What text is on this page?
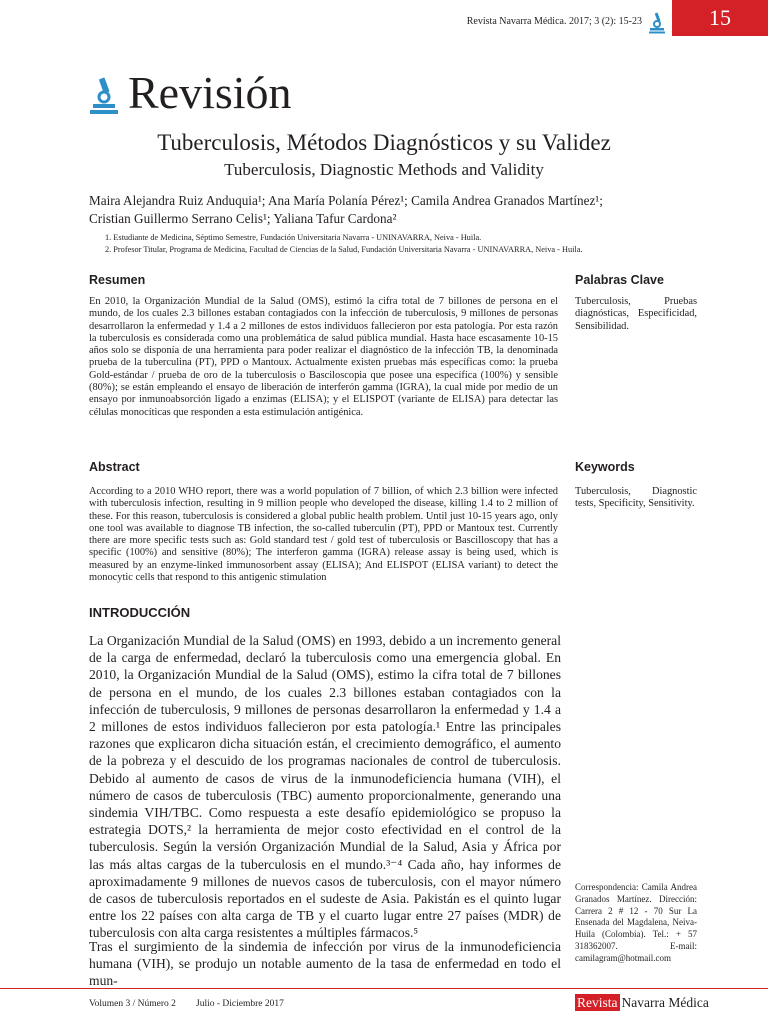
Revista Navarra Médica. 2017; 3 (2): 15-23	15
Revisión
Tuberculosis, Métodos Diagnósticos y su Validez
Tuberculosis, Diagnostic Methods and Validity
Maira Alejandra Ruiz Anduquia¹; Ana María Polanía Pérez¹; Camila Andrea Granados Martínez¹;
Cristian Guillermo Serrano Celis¹; Yaliana Tafur Cardona²
1. Estudiante de Medicina, Séptimo Semestre, Fundación Universitaria Navarra - UNINAVARRA, Neiva - Huila.
2. Profesor Titular, Programa de Medicina, Facultad de Ciencias de la Salud, Fundación Universitaria Navarra - UNINAVARRA, Neiva - Huila.
Resumen	Palabras Clave
En 2010, la Organización Mundial de la Salud (OMS), estimó la cifra total de 7 billones de persona en el mundo, de los cuales 2.3 billones estaban contagiados con la infección de tuberculosis, 9 millones de personas desarrollaron la enfermedad y 1.4 a 2 millones de estos individuos fallecieron por esta patología. Por esta razón la tuberculosis es considerada como una problemática de salud pública mundial. Hasta hace escasamente 10-15 años solo se disponía de una herramienta para poder realizar el diagnóstico de la infección TB, la denominada prueba de la tuberculina (PT), PPD o Mantoux. Actualmente existen pruebas más específicas como: la prueba Gold-estándar / prueba de oro de la tuberculosis o Basciloscopia que posee una específica (100%) y sensible (80%); se están empleando el ensayo de liberación de interferón gamma (IGRA), la cual mide por medio de un ensayo por inmunoabsorción ligado a enzimas (ELISA); y el ELISPOT (variante de ELISA) para detectar las células monocíticas que responden a esta estimulación antigénica.
Tuberculosis, Pruebas diagnósticas, Especificidad, Sensibilidad.
Abstract	Keywords
According to a 2010 WHO report, there was a world population of 7 billion, of which 2.3 billion were infected with tuberculosis infection, resulting in 9 million people who developed the disease, killing 1.4 to 2 million of these. For this reason, tuberculosis is considered a global public health problem. Until just 10-15 years ago, only one tool was available to diagnose TB infection, the so-called tuberculin (PT), PPD or Mantoux test. Currently there are more specific tests such as: Gold standard test / gold test of tuberculosis or Bascilloscopy that has a specific (100%) and sensitive (80%); The interferon gamma (IGRA) release assay is being used, which is measured by an enzyme-linked immunosorbent assay (ELISA); And ELISPOT (ELISA variant) to detect the monocytic cells that respond to this antigenic stimulation
Tuberculosis, Diagnostic tests, Specificity, Sensitivity.
INTRODUCCIÓN
La Organización Mundial de la Salud (OMS) en 1993, debido a un incremento general de la carga de enfermedad, declaró la tuberculosis como una emergencia global. En 2010, la Organización Mundial de la Salud (OMS), estimo la cifra total de 7 billones de persona en el mundo, de los cuales 2.3 billones estaban contagiados con la infección de tuberculosis, 9 millones de personas desarrollaron la enfermedad y 1.4 a 2 millones de estos individuos fallecieron por esta patología.¹ Entre las principales razones que explicaron dicha situación están, el crecimiento demográfico, el aumento de la pobreza y el descuido de los programas nacionales de control de tuberculosis. Debido al aumento de casos de virus de la inmunodeficiencia humana (VIH), el número de casos de tuberculosis (TBC) aumento proporcionalmente, generando una sindemia VIH/TBC. Como respuesta a este desafío epidemiológico se propuso la estrategia DOTS,² la herramienta de mejor costo efectividad en el control de la tuberculosis. Según la versión Organización Mundial de la Salud, Asia y África por las más altas cargas de la tuberculosis en el mundo.³⁻⁴ Cada año, hay informes de aproximadamente 9 millones de nuevos casos de tuberculosis, con el mayor número de casos de tuberculosis reportados en el sudeste de Asia. Pakistán es el quinto lugar entre los 22 países con alta carga de TB y el cuarto lugar entre 27 países (MDR) de tuberculosis con alta carga resistentes a múltiples fármacos.⁵
Tras el surgimiento de la sindemia de infección por virus de la inmunodeficiencia humana (VIH), se produjo un notable aumento de la tasa de enfermedad en todo el mun-
Correspondencia: Camila Andrea Granados Martínez. Dirección: Carrera 2 # 12 - 70 Sur La Ensenada del Magdalena, Neiva-Huila (Colombia). Tel.: + 57 318362007. E-mail: camilagram@hotmail.com
Volumen 3 / Número 2 Julio - Diciembre 2017	Revista Navarra Médica
